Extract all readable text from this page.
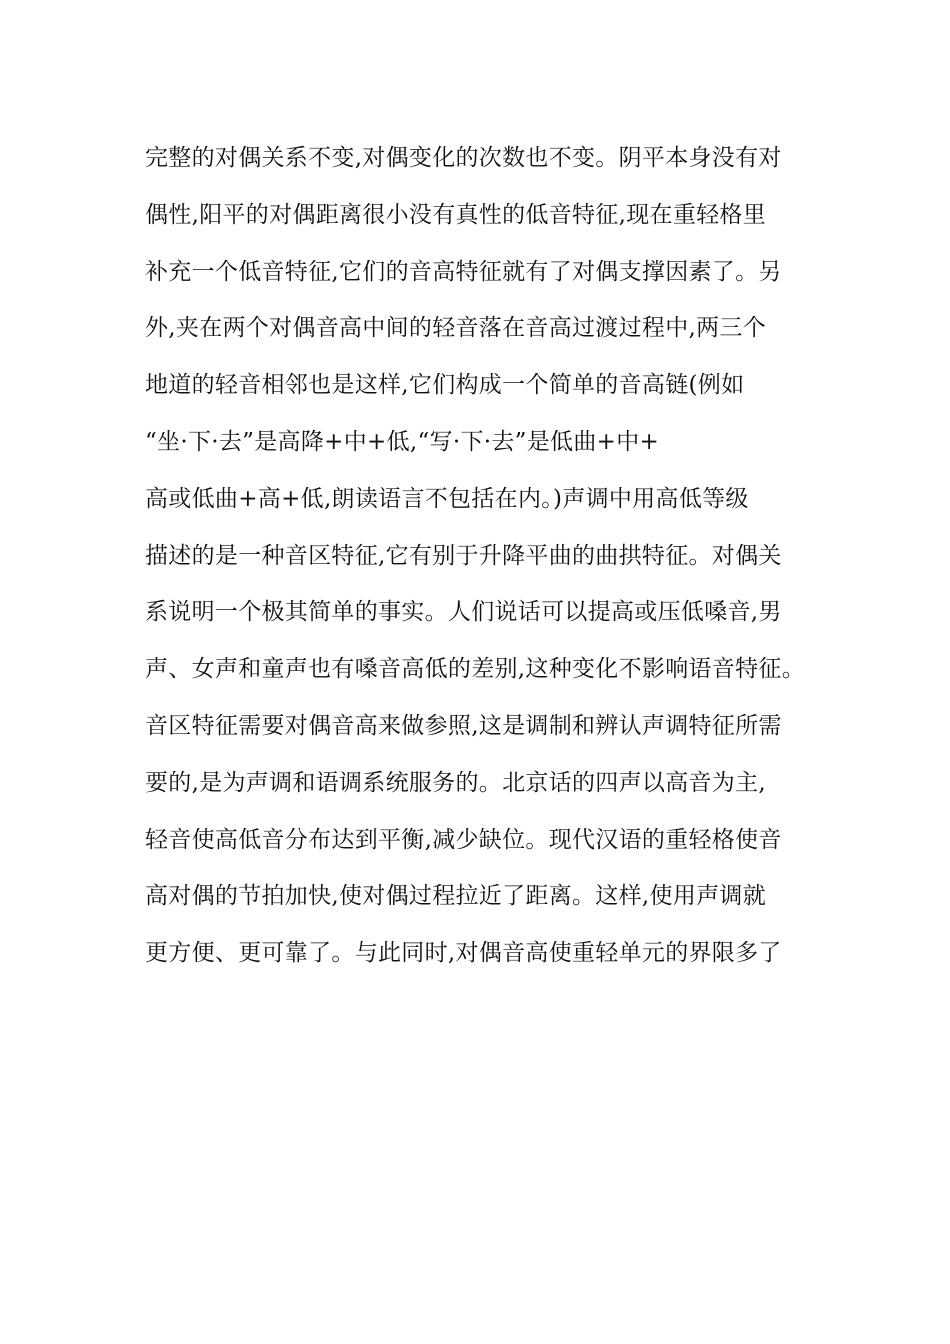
完整的对偶关系不变,对偶变化的次数也不变。阴平本身没有对
偶性,阳平的对偶距离很小没有真性的低音特征,现在重轻格里
补充一个低音特征,它们的音高特征就有了对偶支撑因素了。另
外,夹在两个对偶音高中间的轻音落在音高过渡过程中,两三个
地道的轻音相邻也是这样,它们构成一个简单的音高链(例如
“坐·下·去”是高降+中+低,“写·下·去”是低曲+中+
高或低曲+高+低,朗读语言不包括在内。)声调中用高低等级
描述的是一种音区特征,它有别于升降平曲的曲拱特征。对偶关
系说明一个极其简单的事实。人们说话可以提高或压低嗓音,男
声、女声和童声也有嗓音高低的差别,这种变化不影响语音特征。
音区特征需要对偶音高来做参照,这是调制和辨认声调特征所需
要的,是为声调和语调系统服务的。北京话的四声以高音为主,
轻音使高低音分布达到平衡,减少缺位。现代汉语的重轻格使音
高对偶的节拍加快,使对偶过程拉近了距离。这样,使用声调就
更方便、更可靠了。与此同时,对偶音高使重轻单元的界限多了
